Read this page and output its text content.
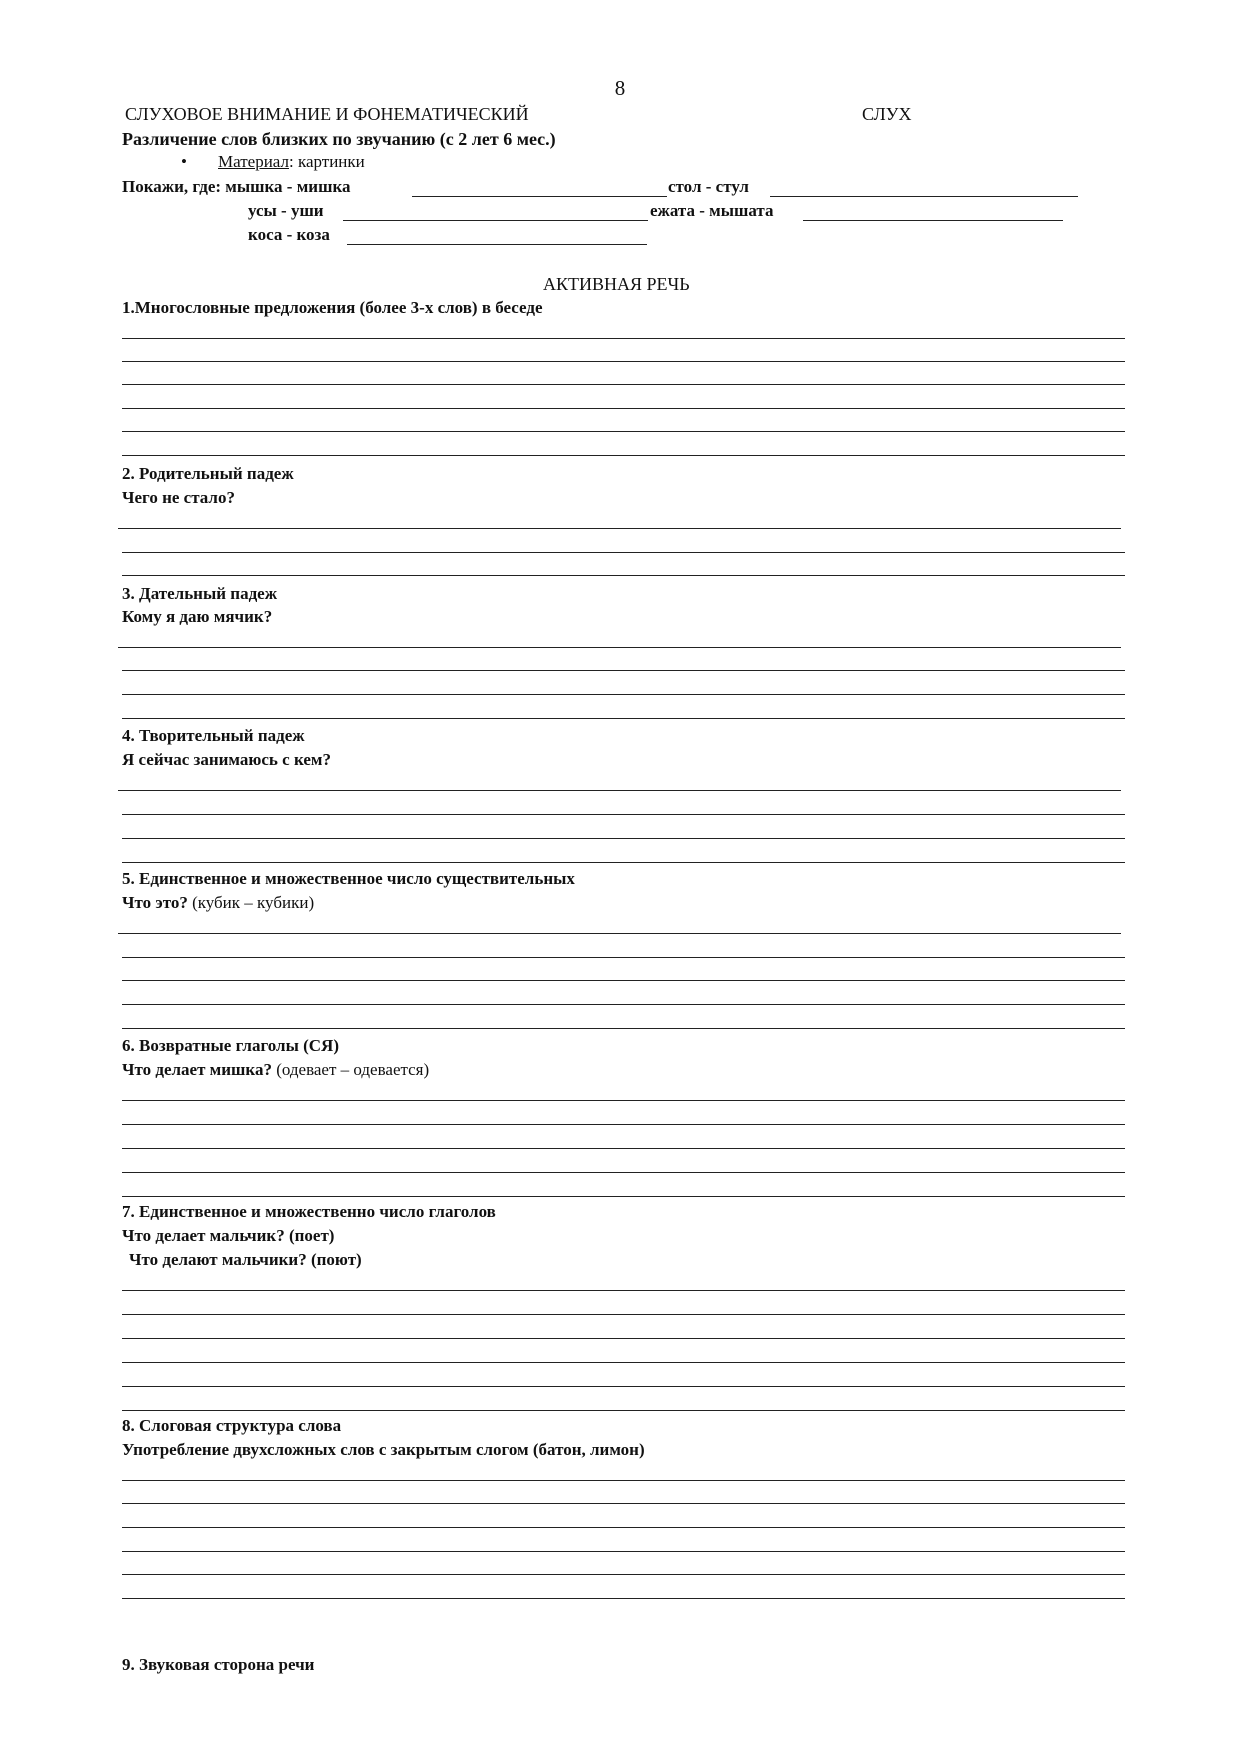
8
СЛУХОВОЕ ВНИМАНИЕ И ФОНЕМАТИЧЕСКИЙ	СЛУХ
Различение слов близких по звучанию (с 2 лет 6 мес.)
• Материал: картинки
Покажи, где: мышка - мишка	стол - стул
усы - уши	ежата - мышата
коса - коза
АКТИВНАЯ РЕЧЬ
1.Многословные предложения (более 3-х слов) в беседе
2. Родительный падеж
Чего не стало?
3. Дательный падеж
Кому я даю мячик?
4. Творительный падеж
Я сейчас занимаюсь с кем?
5. Единственное и множественное число существительных
Что это? (кубик – кубики)
6. Возвратные глаголы (СЯ)
Что делает мишка? (одевает – одевается)
7. Единственное и множественно число глаголов
Что делает мальчик? (поет)
Что делают мальчики? (поют)
8. Слоговая структура слова
Употребление двухсложных слов с закрытым слогом (батон, лимон)
9. Звуковая сторона речи
